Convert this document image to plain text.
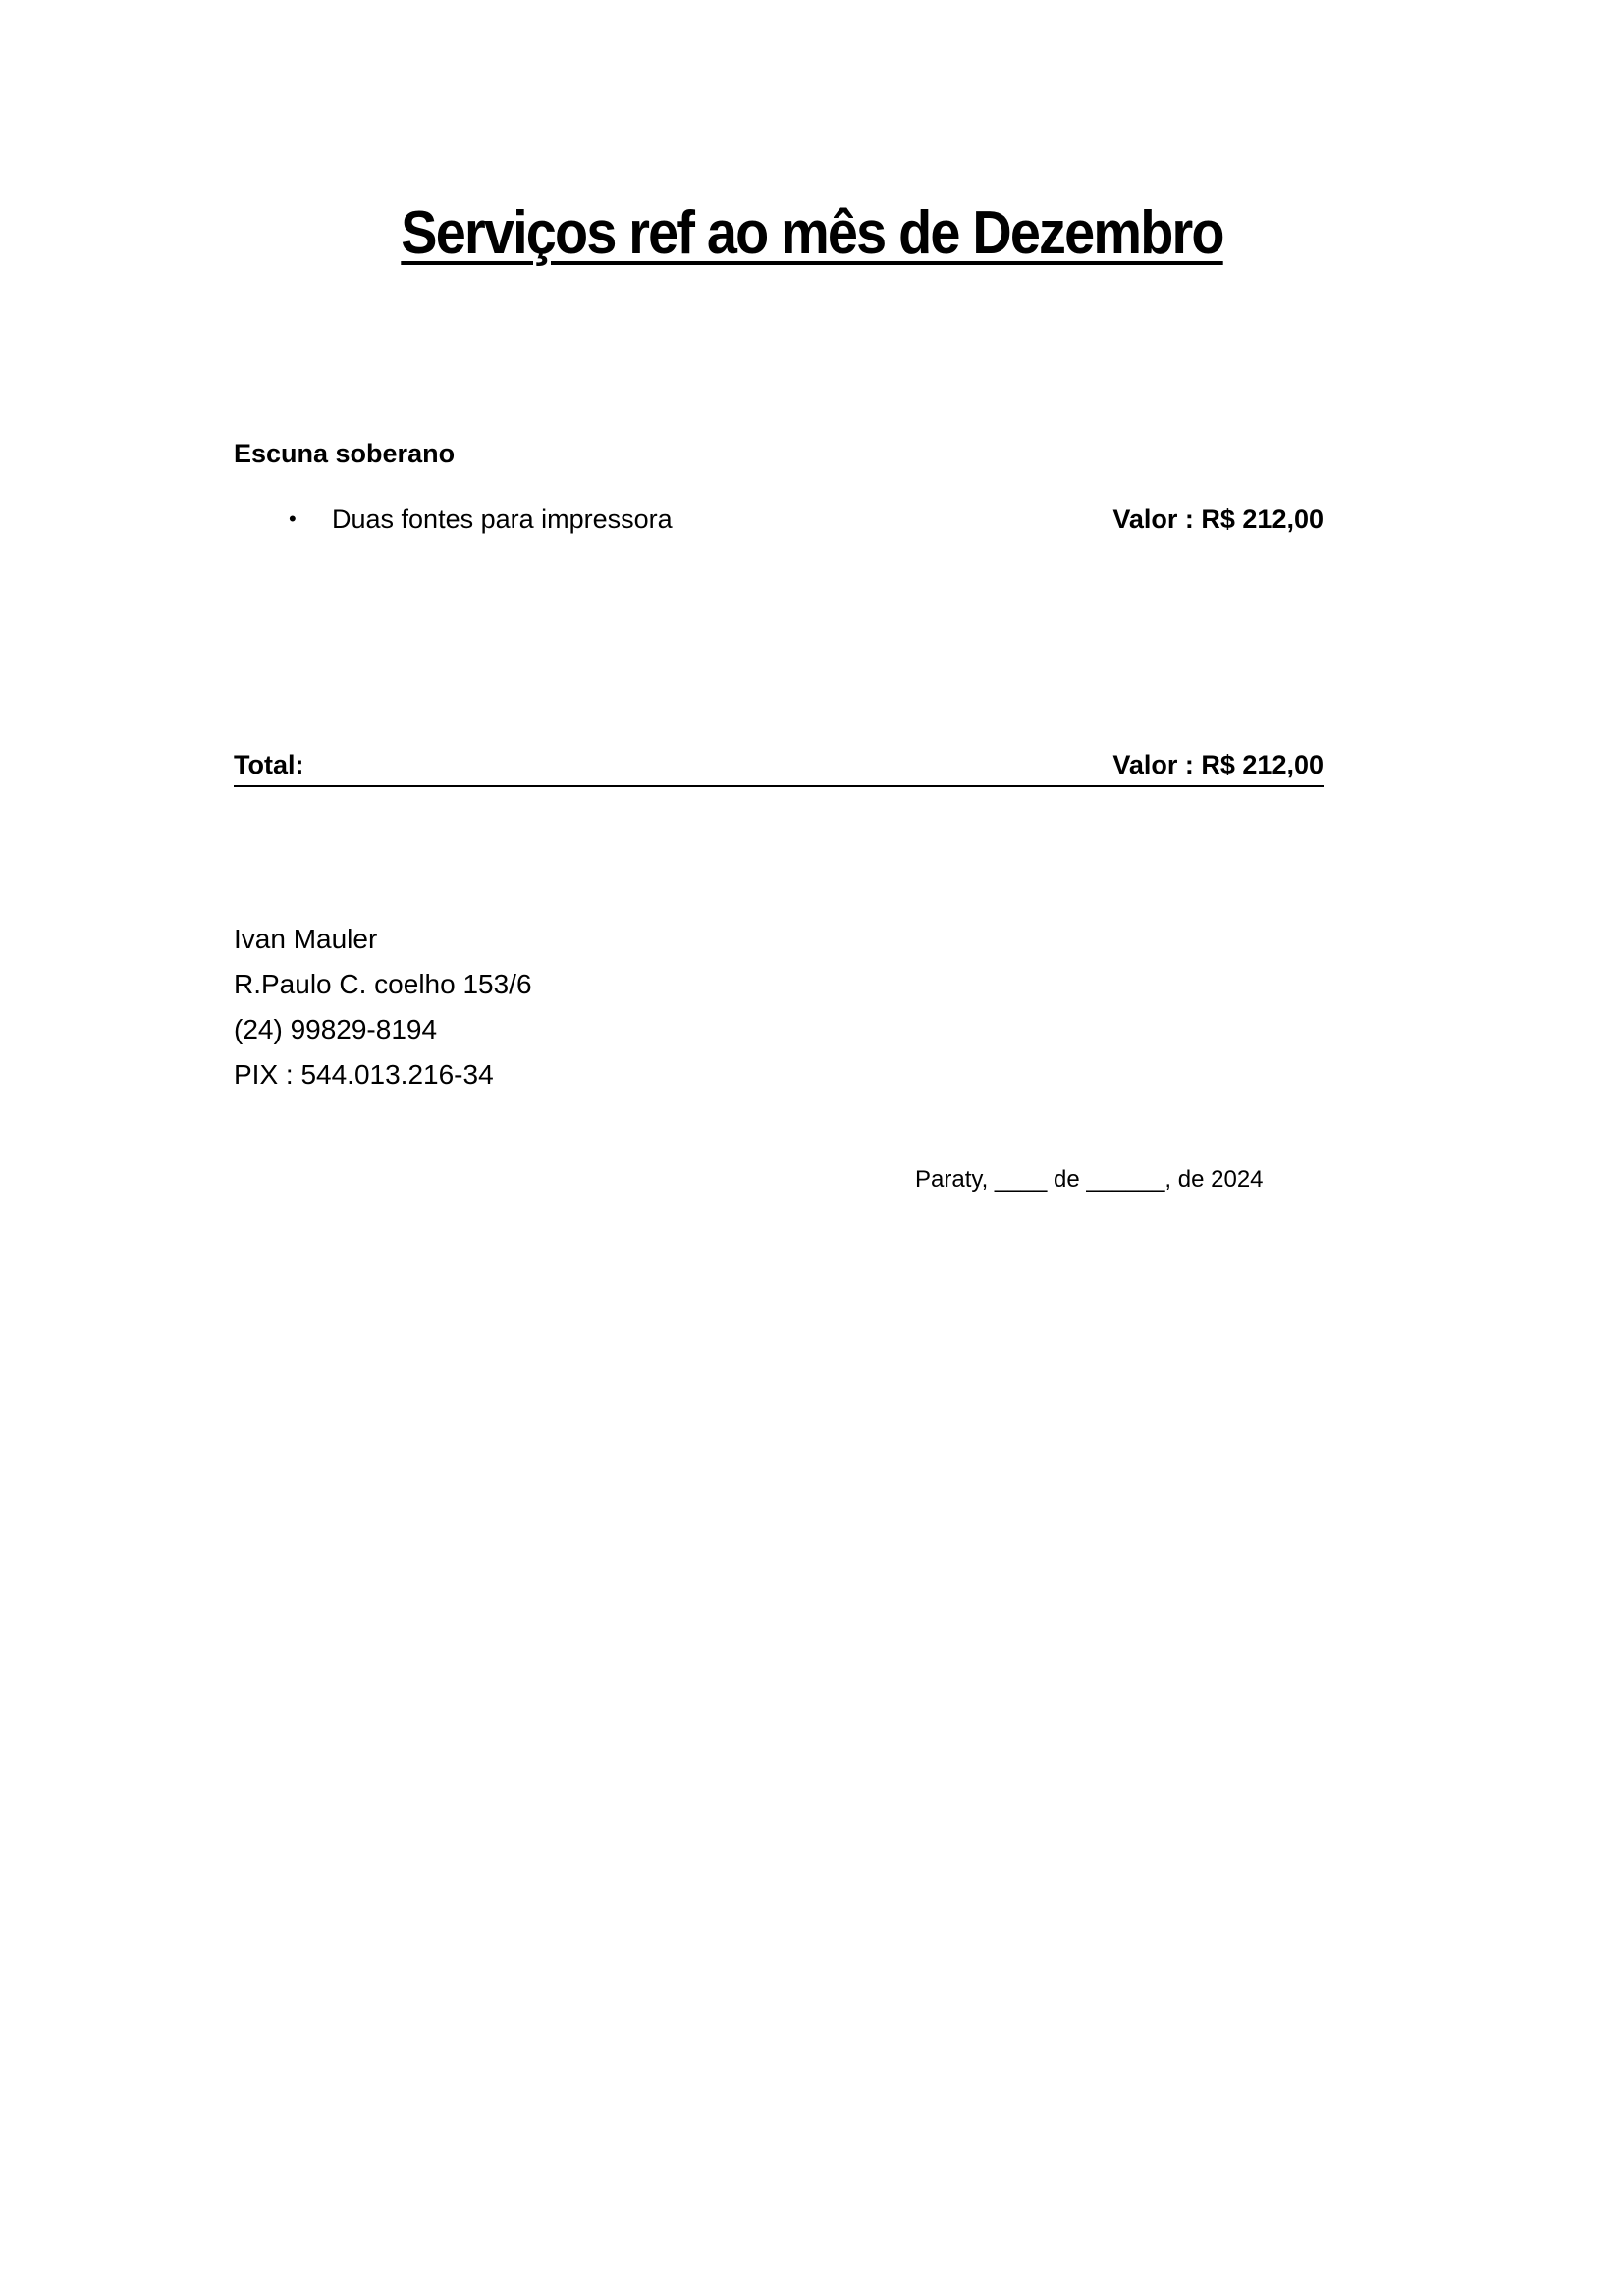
Serviços ref ao mês de Dezembro
Escuna soberano
• Duas fontes para impressora	Valor : R$ 212,00
Total:	Valor : R$ 212,00
Ivan Mauler
R.Paulo C. coelho 153/6
(24) 99829-8194
PIX : 544.013.216-34
Paraty, ____ de ______, de 2024
